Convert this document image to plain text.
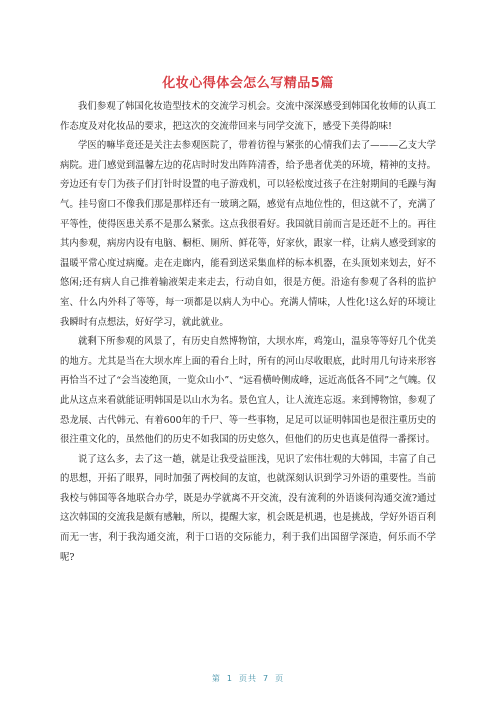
化妆心得体会怎么写精品5篇

我们参观了韩国化妆造型技术的交流学习机会。交流中深深感受到韩国化妆师的认真工作态度及对化妆品的要求，把这次的交流带回来与同学交流下，感受下美得韵味!

学医的嘛毕竟还是关注去参观医院了，带着彷徨与紧张的心情我们去了———乙支大学病院。进门感觉到温馨左边的花店时时发出阵阵清香，给予患者优美的环境，精神的支持。旁边还有专门为孩子们打针时设置的电子游戏机，可以轻松度过孩子在注射期间的毛躁与淘气。挂号窗口不像我们那是那样还有一玻璃之隔，感觉有点地位性的，但这就不了，充满了平等性，使得医患关系不是那么紧张。这点我很看好。我国就目前而言是还赶不上的。再往其内参观，病房内设有电脑、橱柜、厕所、鲜花等，好家伙，跟家一样，让病人感受到家的温暖平常心度过病魔。走在走廊内，能看到送采集血样的标本机器，在头顶划来划去，好不悠闲;还有病人自己推着输液架走来走去，行动自如，很是方便。沿途有参观了各科的监护室、什么内外科了等等，每一项都是以病人为中心。充满人情味，人性化!这么好的环境让我瞬时有点想法，好好学习，就此就业。

就剩下所参观的风景了，有历史自然博物馆，大坝水库，鸡笼山，温泉等等好几个优美的地方。尤其是当在大坝水库上面的看台上时，所有的河山尽收眼底，此时用几句诗来形容再恰当不过了“会当凌绝顶，一览众山小”、“远看横岭侧成峰，远近高低各不同”之气魄。仅此从这点来看就能证明韩国是以山水为名。景色宜人，让人流连忘返。来到博物馆，参观了恐龙展、古代韩元、有着600年的千尸、等一些事物，足足可以证明韩国也是很注重历史的很注重文化的，虽然他们的历史不如我国的历史悠久，但他们的历史也真是值得一番探讨。

说了这么多，去了这一趟，就是让我受益匪浅，见识了宏伟壮观的大韩国，丰富了自己的思想，开拓了眼界，同时加强了两校间的友谊，也就深刻认识到学习外语的重要性。当前我校与韩国等各地联合办学，既是办学就离不开交流，没有流利的外语谈何沟通交流?通过这次韩国的交流我是颇有感触，所以，提醒大家，机会既是机遇，也是挑战，学好外语百利而无一害，利于我沟通交流，利于口语的交际能力，利于我们出国留学深造，何乐而不学呢?

第 1 页共 7 页
